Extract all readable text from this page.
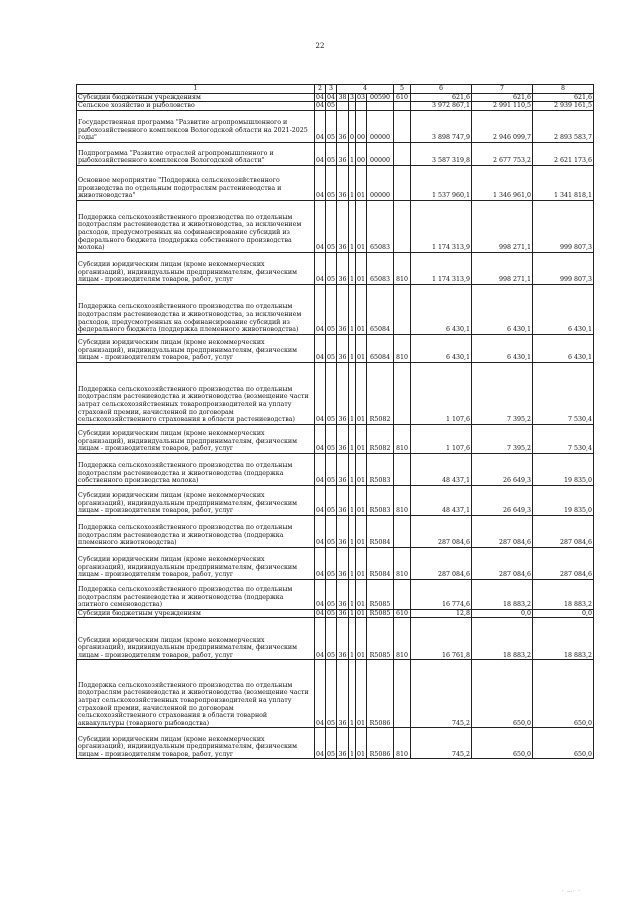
22
1	2	3	4				5	6	7	8
Субсидии бюджетным учреждениям	04	04	38	3	03	00590	610	621,6	621,6	621,6
Сельское хозяйство и рыболовство	04	05						3 972 867,1	2 991 110,5	2 939 161,5
Государственная программа "Развитие агропромышленного и рыбохозяйственного комплексов Вологодской области на 2021-2025 годы"	04	05	36	0	00	00000		3 898 747,9	2 946 099,7	2 893 583,7
Подпрограмма "Развитие отраслей агропромышленного и рыбохозяйственного комплексов Вологодской области"	04	05	36	1	00	00000		3 587 319,8	2 677 753,2	2 621 173,6
Основное мероприятие "Поддержка сельскохозяйственного производства по отдельным подотраслям растениеводства и животноводства"	04	05	36	1	01	00000		1 537 960,1	1 346 961,0	1 341 818,1
Поддержка сельскохозяйственного производства по отдельным подотраслям растениеводства и животноводства, за исключением расходов, предусмотренных на софинансирование субсидий из федерального бюджета (поддержка собственного производства молока)	04	05	36	1	01	65083		1 174 313,9	998 271,1	999 807,3
Субсидии юридическим лицам (кроме некоммерческих организаций), индивидуальным предпринимателям, физическим лицам - производителям товаров, работ, услуг	04	05	36	1	01	65083	810	1 174 313,9	998 271,1	999 807,3
Поддержка сельскохозяйственного производства по отдельным подотраслям растениеводства и животноводства, за исключением расходов, предусмотренных на софинансирование субсидий из федерального бюджета (поддержка племенного животноводства)	04	05	36	1	01	65084		6 430,1	6 430,1	6 430,1
Субсидии юридическим лицам (кроме некоммерческих организаций), индивидуальным предпринимателям, физическим лицам - производителям товаров, работ, услуг	04	05	36	1	01	65084	810	6 430,1	6 430,1	6 430,1
Поддержка сельскохозяйственного производства по отдельным подотраслям растениеводства и животноводства (возмещение части затрат сельскохозяйственных товаропроизводителей на уплату страховой премии, начисленной по договорам сельскохозяйственного страхования в области растениеводства)	04	05	36	1	01	R5082		1 107,6	7 395,2	7 530,4
Субсидии юридическим лицам (кроме некоммерческих организаций), индивидуальным предпринимателям, физическим лицам - производителям товаров, работ, услуг	04	05	36	1	01	R5082	810	1 107,6	7 395,2	7 530,4
Поддержка сельскохозяйственного производства по отдельным подотраслям растениеводства и животноводства (поддержка собственного производства молока)	04	05	36	1	01	R5083		48 437,1	26 649,3	19 835,0
Субсидии юридическим лицам (кроме некоммерческих организаций), индивидуальным предпринимателям, физическим лицам - производителям товаров, работ, услуг	04	05	36	1	01	R5083	810	48 437,1	26 649,3	19 835,0
Поддержка сельскохозяйственного производства по отдельным подотраслям растениеводства и животноводства (поддержка племенного животноводства)	04	05	36	1	01	R5084		287 084,6	287 084,6	287 084,6
Субсидии юридическим лицам (кроме некоммерческих организаций), индивидуальным предпринимателям, физическим лицам - производителям товаров, работ, услуг	04	05	36	1	01	R5084	810	287 084,6	287 084,6	287 084,6
Поддержка сельскохозяйственного производства по отдельным подотраслям растениеводства и животноводства (поддержка элитного семеноводства)	04	05	36	1	01	R5085		16 774,6	18 883,2	18 883,2
Субсидии бюджетным учреждениям	04	05	36	1	01	R5085	610	12,8	0,0	0,0
Субсидии юридическим лицам (кроме некоммерческих организаций), индивидуальным предпринимателям, физическим лицам - производителям товаров, работ, услуг	04	05	36	1	01	R5085	810	16 761,8	18 883,2	18 883,2
Поддержка сельскохозяйственного производства по отдельным подотраслям растениеводства и животноводства (возмещение части затрат сельскохозяйственных товаропроизводителей на уплату страховой премии, начисленной по договорам сельскохозяйственного страхования в области товарной аквакультуры (товарного рыбоводства)	04	05	36	1	01	R5086		745,2	650,0	650,0
Субсидии юридическим лицам (кроме некоммерческих организаций), индивидуальным предпринимателям, физическим лицам - производителям товаров, работ, услуг	04	05	36	1	01	R5086	810	745,2	650,0	650,0
· …· ·
